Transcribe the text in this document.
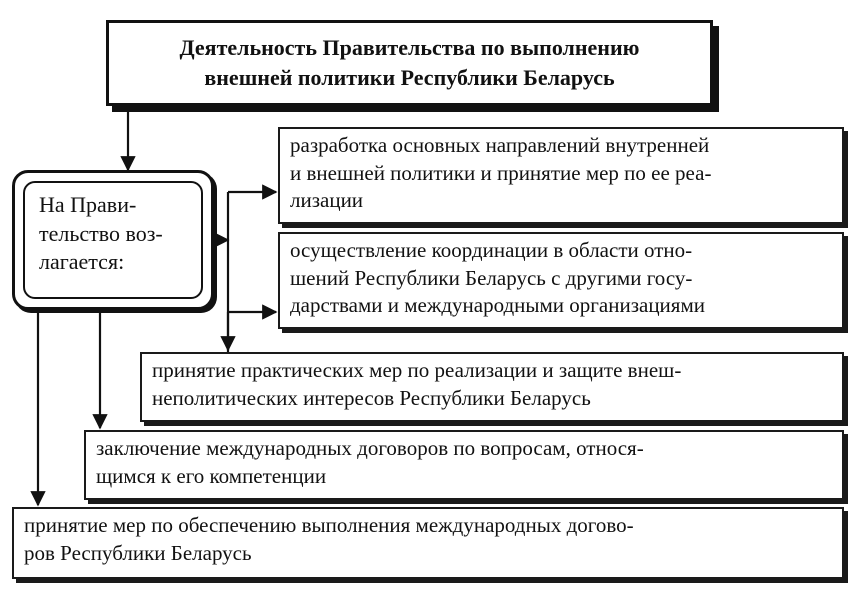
Деятельность Правительства по выполнению
внешней политики Республики Беларусь
На Прави-
тельство воз-
лагается:
разработка основных направлений внутренней
и внешней политики и принятие мер по ее реа-
лизации
осуществление координации в области отно-
шений Республики Беларусь с другими госу-
дарствами и международными организациями
принятие практических мер по реализации и защите внеш-
неполитических интересов Республики Беларусь
заключение международных договоров по вопросам, относя-
щимся к его компетенции
принятие мер по обеспечению выполнения международных догово-
ров Республики Беларусь
